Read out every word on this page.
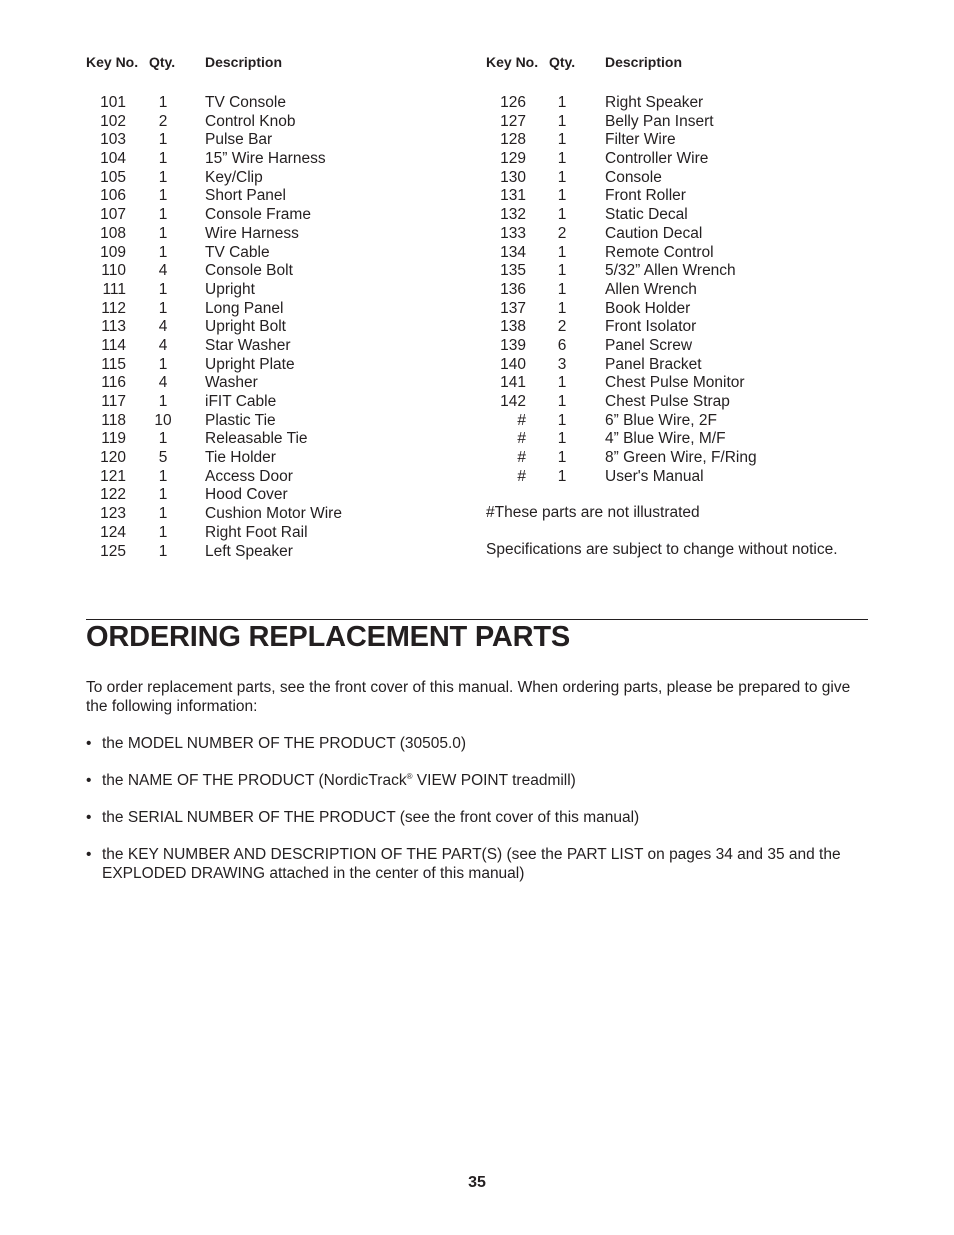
Key No. Qty. Description
101	1	TV Console
102	2	Control Knob
103	1	Pulse Bar
104	1	15” Wire Harness
105	1	Key/Clip
106	1	Short Panel
107	1	Console Frame
108	1	Wire Harness
109	1	TV Cable
110	4	Console Bolt
111	1	Upright
112	1	Long Panel
113	4	Upright Bolt
114	4	Star Washer
115	1	Upright Plate
116	4	Washer
117	1	iFIT Cable
118	10	Plastic Tie
119	1	Releasable Tie
120	5	Tie Holder
121	1	Access Door
122	1	Hood Cover
123	1	Cushion Motor Wire
124	1	Right Foot Rail
125	1	Left Speaker
Key No. Qty. Description
126	1	Right Speaker
127	1	Belly Pan Insert
128	1	Filter Wire
129	1	Controller Wire
130	1	Console
131	1	Front Roller
132	1	Static Decal
133	2	Caution Decal
134	1	Remote Control
135	1	5/32” Allen Wrench
136	1	Allen Wrench
137	1	Book Holder
138	2	Front Isolator
139	6	Panel Screw
140	3	Panel Bracket
141	1	Chest Pulse Monitor
142	1	Chest Pulse Strap
#	1	6” Blue Wire, 2F
#	1	4” Blue Wire, M/F
#	1	8” Green Wire, F/Ring
#	1	User's Manual
#These parts are not illustrated
Specifications are subject to change without notice.
ORDERING REPLACEMENT PARTS

To order replacement parts, see the front cover of this manual. When ordering parts, please be prepared to give the following information:

• the MODEL NUMBER OF THE PRODUCT (30505.0)
• the NAME OF THE PRODUCT (NordicTrack® VIEW POINT treadmill)
• the SERIAL NUMBER OF THE PRODUCT (see the front cover of this manual)
• the KEY NUMBER AND DESCRIPTION OF THE PART(S) (see the PART LIST on pages 34 and 35 and the EXPLODED DRAWING attached in the center of this manual)
35
